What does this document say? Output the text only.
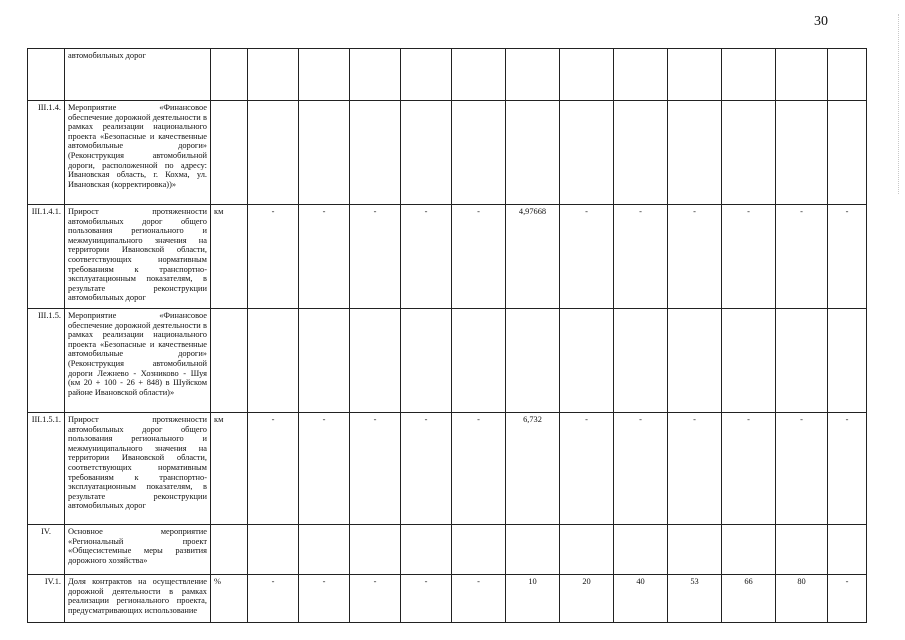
30
	автомобильных дорог													
III.1.4.	Мероприятие «Финансовое обеспечение дорожной деятельности в рамках реализации национального проекта «Безопасные и качественные автомобильные дороги» (Реконструкция автомобильной дороги, расположенной по адресу: Ивановская область, г. Кохма, ул. Ивановская (корректировка))»													
III.1.4.1.	Прирост протяженности автомобильных дорог общего пользования регионального и межмуниципального значения на территории Ивановской области, соответствующих нормативным требованиям к транспортно-эксплуатационным показателям, в результате реконструкции автомобильных дорог	км	-	-	-	-	-	4,97668	-	-	-	-	-	-
III.1.5.	Мероприятие «Финансовое обеспечение дорожной деятельности в рамках реализации национального проекта «Безопасные и качественные автомобильные дороги» (Реконструкция автомобильной дороги Лежнево - Хозниково - Шуя (км 20 + 100 - 26 + 848) в Шуйском районе Ивановской области)»													
III.1.5.1.	Прирост протяженности автомобильных дорог общего пользования регионального и межмуниципального значения на территории Ивановской области, соответствующих нормативным требованиям к транспортно-эксплуатационным показателям, в результате реконструкции автомобильных дорог	км	-	-	-	-	-	6,732	-	-	-	-	-	-
IV.	Основное мероприятие «Региональный проект «Общесистемные меры развития дорожного хозяйства»													
IV.1.	Доля контрактов на осуществление дорожной деятельности в рамках реализации регионального проекта, предусматривающих использование	%	-	-	-	-	-	10	20	40	53	66	80	-
